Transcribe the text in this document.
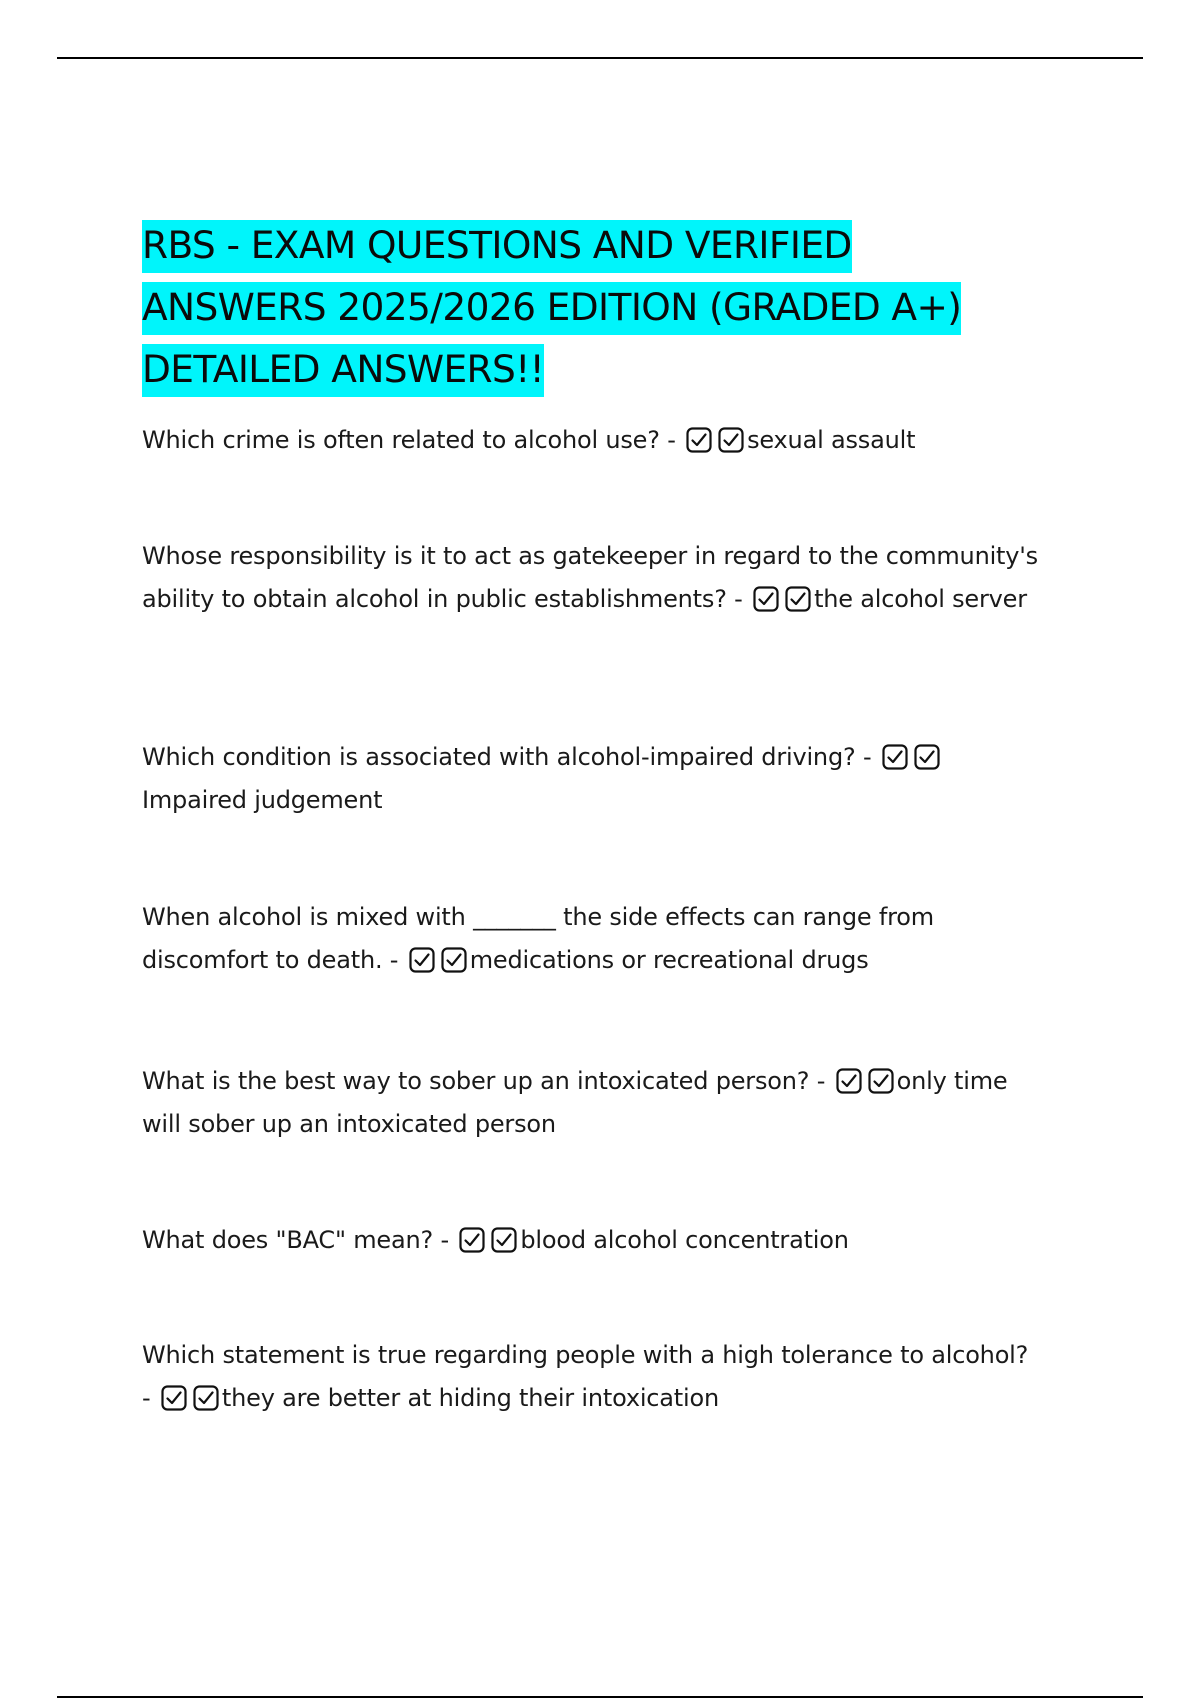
RBS - EXAM QUESTIONS AND VERIFIED
ANSWERS 2025/2026 EDITION (GRADED A+)
DETAILED ANSWERS!!

Which crime is often related to alcohol use? -	sexual assault

Whose responsibility is it to act as gatekeeper in regard to the community's ability to obtain alcohol in public establishments? -	the alcohol server

Which condition is associated with alcohol-impaired driving? -
Impaired judgement

When alcohol is mixed with _______ the side effects can range from discomfort to death. -	medications or recreational drugs

What is the best way to sober up an intoxicated person? -	only time will sober up an intoxicated person

What does "BAC" mean? -	blood alcohol concentration

Which statement is true regarding people with a high tolerance to alcohol? -	they are better at hiding their intoxication
